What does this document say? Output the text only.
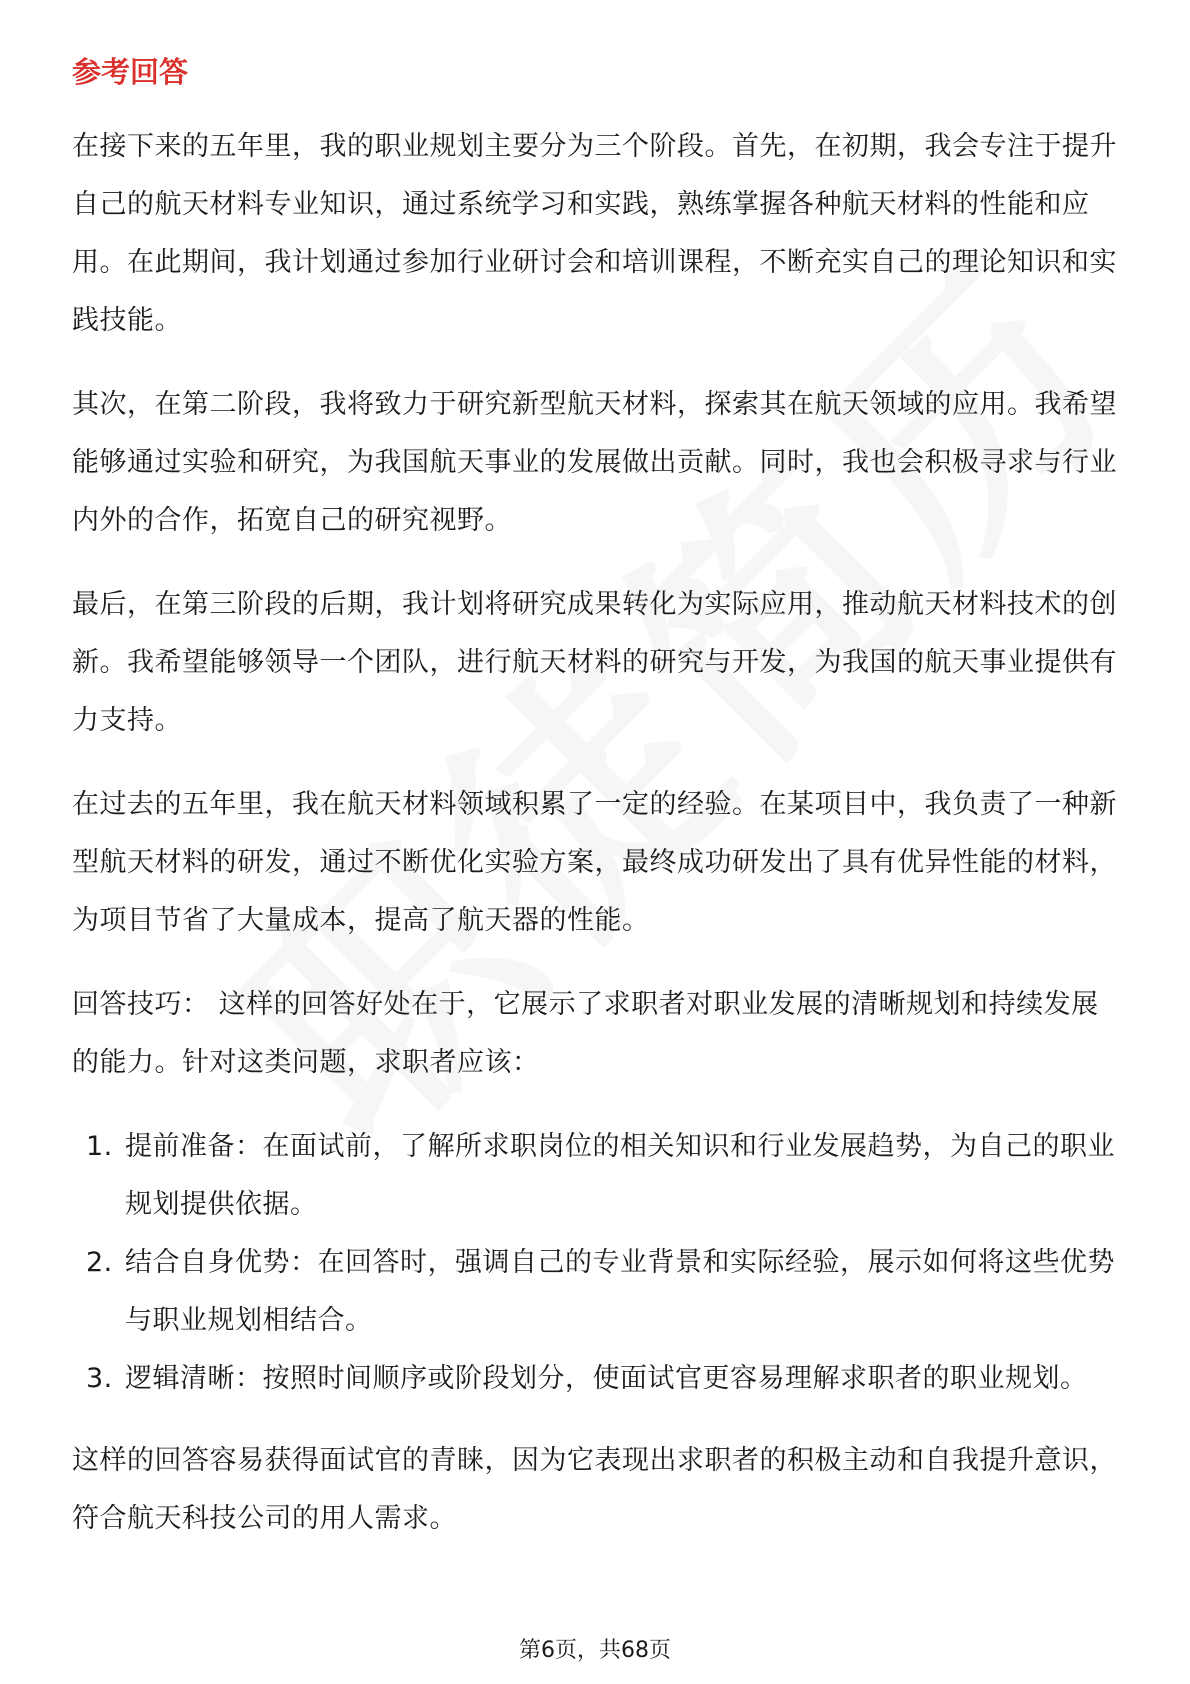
参考回答

在接下来的五年里，我的职业规划主要分为三个阶段。首先，在初期，我会专注于提升自己的航天材料专业知识，通过系统学习和实践，熟练掌握各种航天材料的性能和应用。在此期间，我计划通过参加行业研讨会和培训课程，不断充实自己的理论知识和实践技能。

其次，在第二阶段，我将致力于研究新型航天材料，探索其在航天领域的应用。我希望能够通过实验和研究，为我国航天事业的发展做出贡献。同时，我也会积极寻求与行业内外的合作，拓宽自己的研究视野。

最后，在第三阶段的后期，我计划将研究成果转化为实际应用，推动航天材料技术的创新。我希望能够领导一个团队，进行航天材料的研究与开发，为我国的航天事业提供有力支持。

在过去的五年里，我在航天材料领域积累了一定的经验。在某项目中，我负责了一种新型航天材料的研发，通过不断优化实验方案，最终成功研发出了具有优异性能的材料，为项目节省了大量成本，提高了航天器的性能。

回答技巧： 这样的回答好处在于，它展示了求职者对职业发展的清晰规划和持续发展的能力。针对这类问题，求职者应该：

1. 提前准备：在面试前，了解所求职岗位的相关知识和行业发展趋势，为自己的职业规划提供依据。
2. 结合自身优势：在回答时，强调自己的专业背景和实际经验，展示如何将这些优势与职业规划相结合。
3. 逻辑清晰：按照时间顺序或阶段划分，使面试官更容易理解求职者的职业规划。

这样的回答容易获得面试官的青睐，因为它表现出求职者的积极主动和自我提升意识，符合航天科技公司的用人需求。

第6页，共68页
